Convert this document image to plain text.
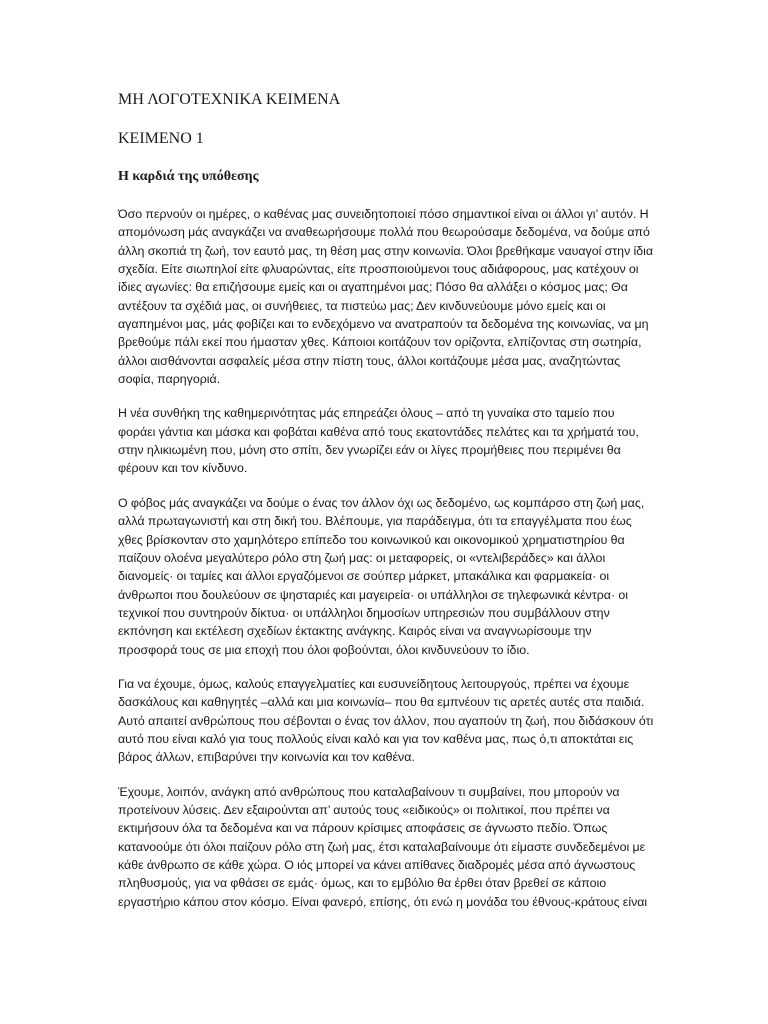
ΜΗ ΛΟΓΟΤΕΧΝΙΚΑ ΚΕΙΜΕΝΑ
ΚΕΙΜΕΝΟ 1
Η καρδιά της υπόθεσης

Όσο περνούν οι ημέρες, ο καθένας μας συνειδητοποιεί πόσο σημαντικοί είναι οι άλλοι γι’ αυτόν. Η απομόνωση μάς αναγκάζει να αναθεωρήσουμε πολλά που θεωρούσαμε δεδομένα, να δούμε από άλλη σκοπιά τη ζωή, τον εαυτό μας, τη θέση μας στην κοινωνία. Όλοι βρεθήκαμε ναυαγοί στην ίδια σχεδία. Είτε σιωπηλοί είτε φλυαρώντας, είτε προσποιούμενοι τους αδιάφορους, μας κατέχουν οι ίδιες αγωνίες: θα επιζήσουμε εμείς και οι αγαπημένοι μας; Πόσο θα αλλάξει ο κόσμος μας; Θα αντέξουν τα σχέδιά μας, οι συνήθειες, τα πιστεύω μας; Δεν κινδυνεύουμε μόνο εμείς και οι αγαπημένοι μας, μάς φοβίζει και το ενδεχόμενο να ανατραπούν τα δεδομένα της κοινωνίας, να μη βρεθούμε πάλι εκεί που ήμασταν χθες. Κάποιοι κοιτάζουν τον ορίζοντα, ελπίζοντας στη σωτηρία, άλλοι αισθάνονται ασφαλείς μέσα στην πίστη τους, άλλοι κοιτάζουμε μέσα μας, αναζητώντας σοφία, παρηγοριά.

Η νέα συνθήκη της καθημερινότητας μάς επηρεάζει όλους – από τη γυναίκα στο ταμείο που φοράει γάντια και μάσκα και φοβάται καθένα από τους εκατοντάδες πελάτες και τα χρήματά του, στην ηλικιωμένη που, μόνη στο σπίτι, δεν γνωρίζει εάν οι λίγες προμήθειες που περιμένει θα φέρουν και τον κίνδυνο.

Ο φόβος μάς αναγκάζει να δούμε ο ένας τον άλλον όχι ως δεδομένο, ως κομπάρσο στη ζωή μας, αλλά πρωταγωνιστή και στη δική του. Βλέπουμε, για παράδειγμα, ότι τα επαγγέλματα που έως χθες βρίσκονταν στο χαμηλότερο επίπεδο του κοινωνικού και οικονομικού χρηματιστηρίου θα παίζουν ολοένα μεγαλύτερο ρόλο στη ζωή μας: οι μεταφορείς, οι «ντελιβεράδες» και άλλοι διανομείς· οι ταμίες και άλλοι εργαζόμενοι σε σούπερ μάρκετ, μπακάλικα και φαρμακεία· οι άνθρωποι που δουλεύουν σε ψησταριές και μαγειρεία· οι υπάλληλοι σε τηλεφωνικά κέντρα· οι τεχνικοί που συντηρούν δίκτυα· οι υπάλληλοι δημοσίων υπηρεσιών που συμβάλλουν στην εκπόνηση και εκτέλεση σχεδίων έκτακτης ανάγκης. Καιρός είναι να αναγνωρίσουμε την προσφορά τους σε μια εποχή που όλοι φοβούνται, όλοι κινδυνεύουν το ίδιο.

Για να έχουμε, όμως, καλούς επαγγελματίες και ευσυνείδητους λειτουργούς, πρέπει να έχουμε δασκάλους και καθηγητές –αλλά και μια κοινωνία– που θα εμπνέουν τις αρετές αυτές στα παιδιά. Αυτό απαιτεί ανθρώπους που σέβονται ο ένας τον άλλον, που αγαπούν τη ζωή, που διδάσκουν ότι αυτό που είναι καλό για τους πολλούς είναι καλό και για τον καθένα μας, πως ό,τι αποκτάται εις βάρος άλλων, επιβαρύνει την κοινωνία και τον καθένα.

Έχουμε, λοιπόν, ανάγκη από ανθρώπους που καταλαβαίνουν τι συμβαίνει, που μπορούν να προτείνουν λύσεις. Δεν εξαιρούνται απ’ αυτούς τους «ειδικούς» οι πολιτικοί, που πρέπει να εκτιμήσουν όλα τα δεδομένα και να πάρουν κρίσιμες αποφάσεις σε άγνωστο πεδίο. Όπως κατανοούμε ότι όλοι παίζουν ρόλο στη ζωή μας, έτσι καταλαβαίνουμε ότι είμαστε συνδεδεμένοι με κάθε άνθρωπο σε κάθε χώρα. Ο ιός μπορεί να κάνει απίθανες διαδρομές μέσα από άγνωστους πληθυσμούς, για να φθάσει σε εμάς· όμως, και το εμβόλιο θα έρθει όταν βρεθεί σε κάποιο εργαστήριο κάπου στον κόσμο. Είναι φανερό, επίσης, ότι ενώ η μονάδα του έθνους-κράτους είναι
